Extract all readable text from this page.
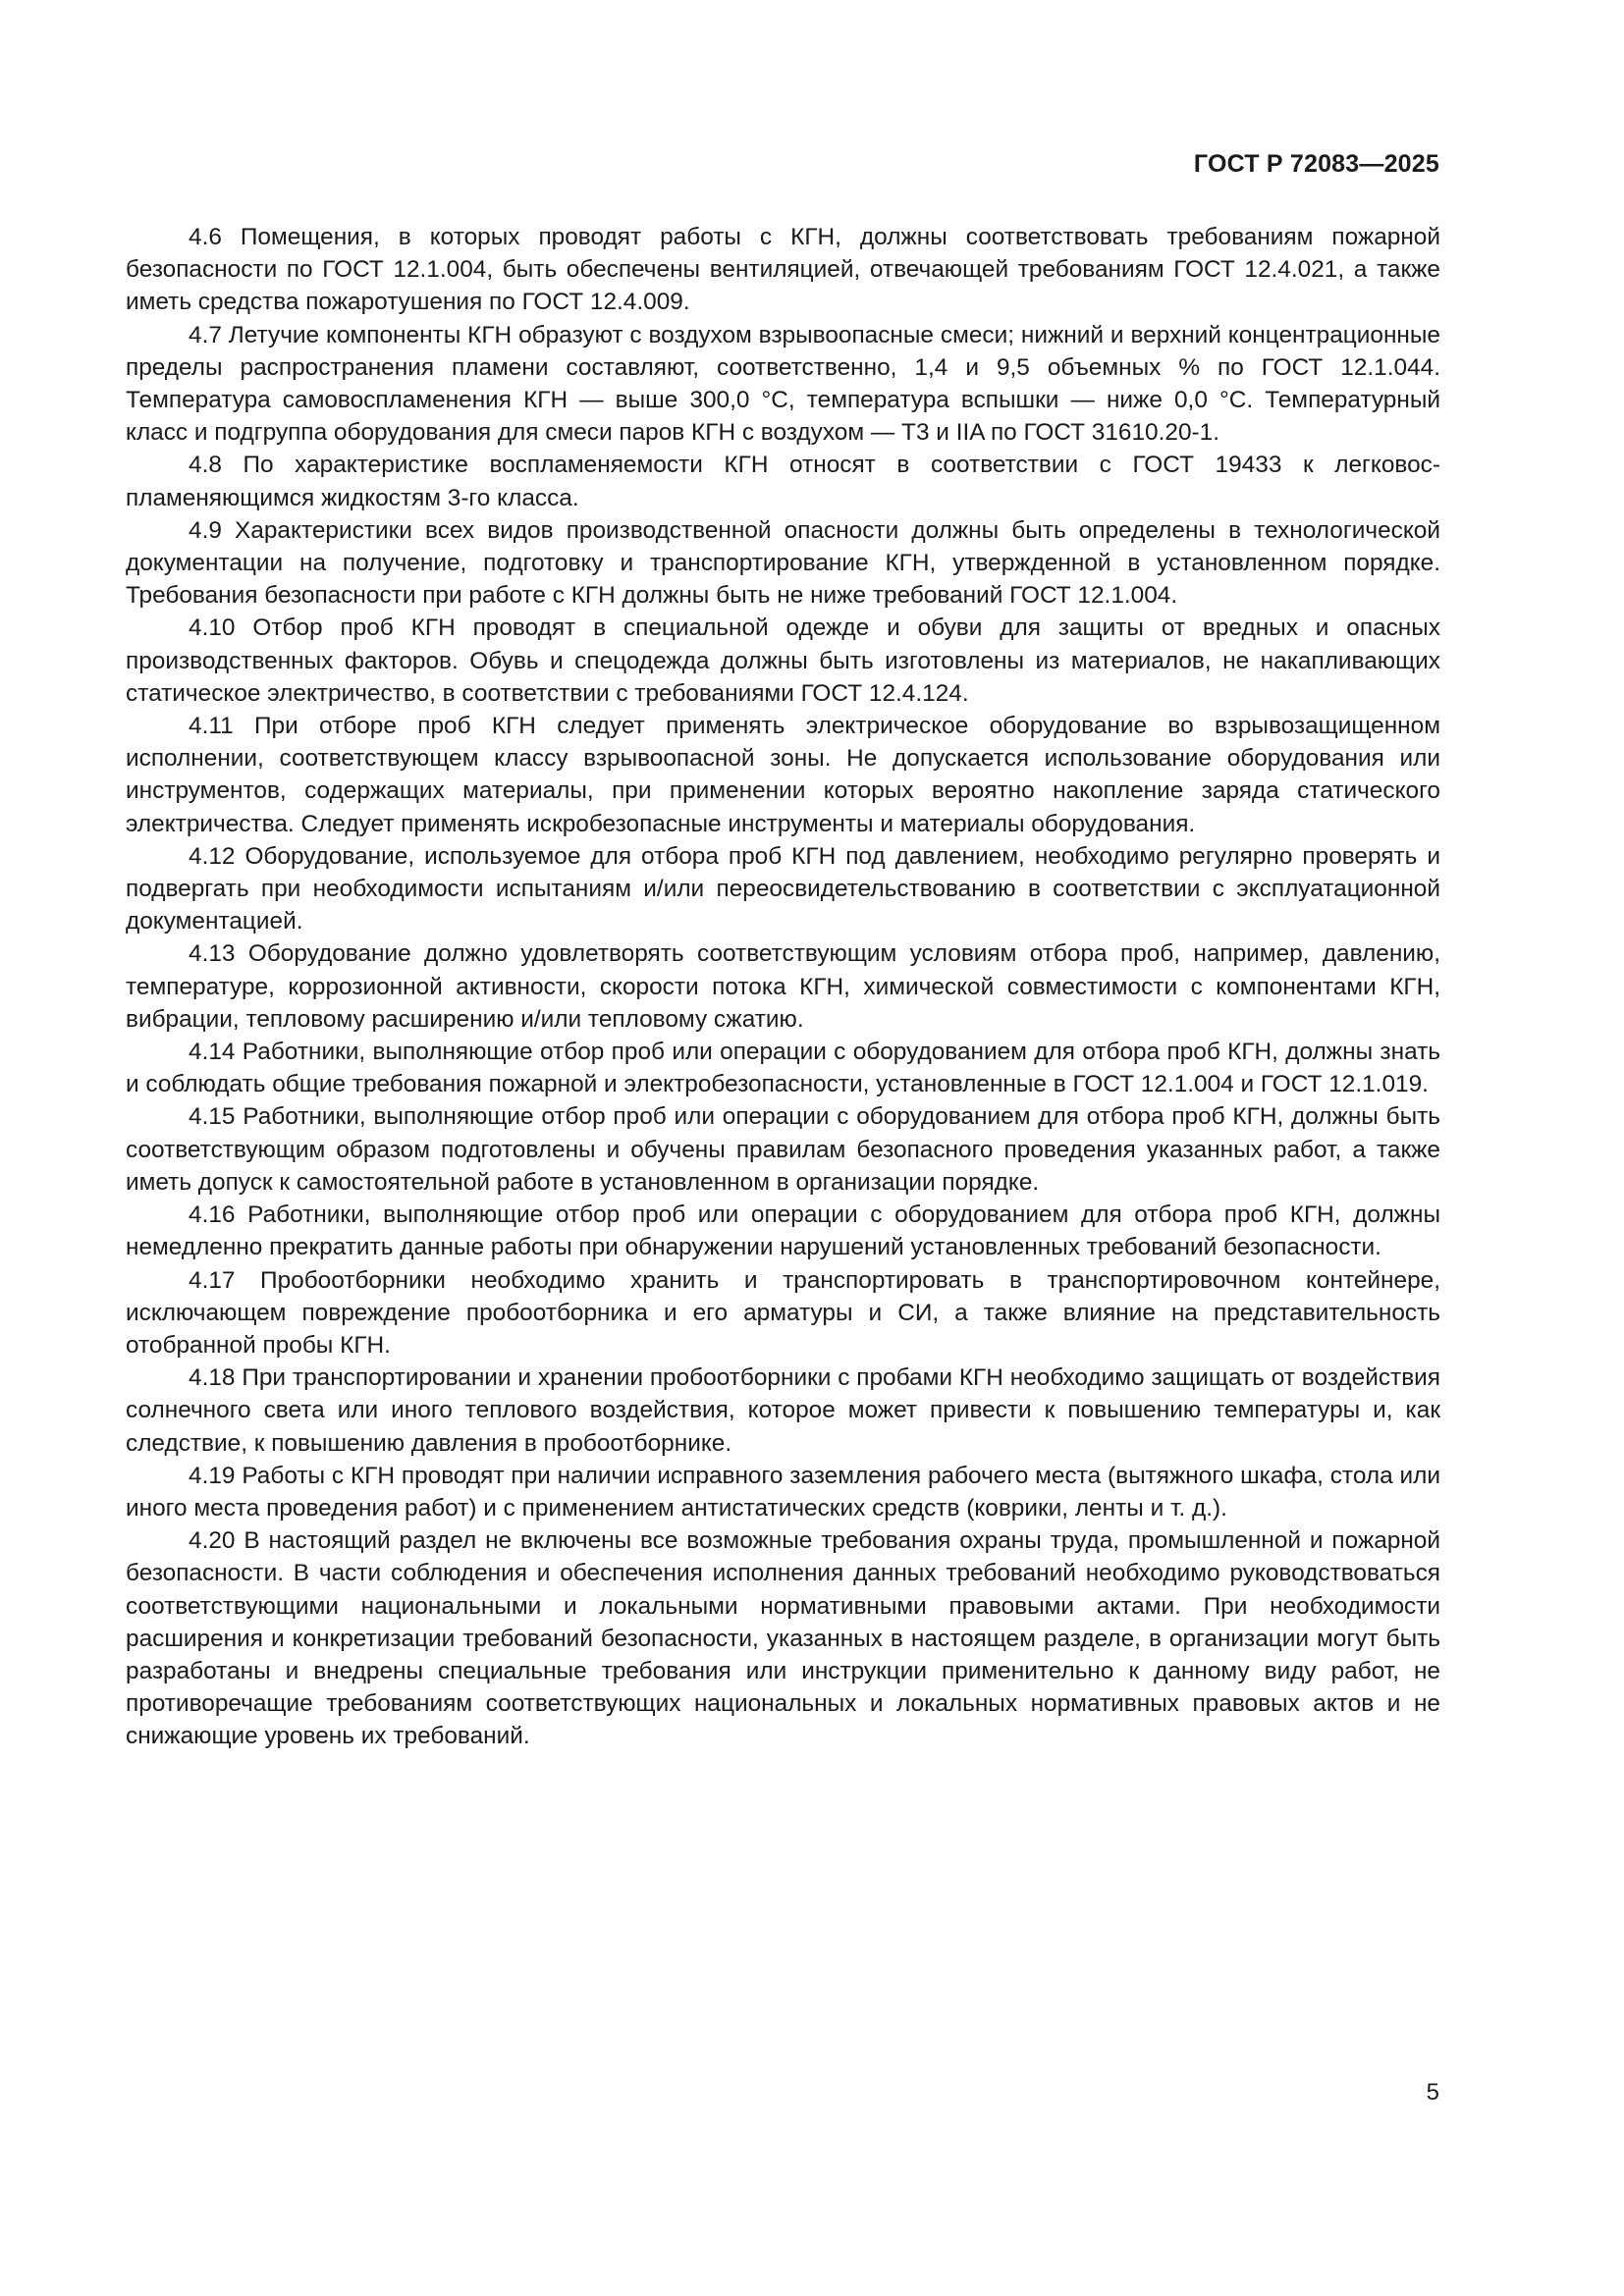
ГОСТ Р 72083—2025

4.6 Помещения, в которых проводят работы с КГН, должны соответствовать требованиям пожарной безопасности по ГОСТ 12.1.004, быть обеспечены вентиляцией, отвечающей требованиям ГОСТ 12.4.021, а также иметь средства пожаротушения по ГОСТ 12.4.009.

4.7 Летучие компоненты КГН образуют с воздухом взрывоопасные смеси; нижний и верхний концентрационные пределы распространения пламени составляют, соответственно, 1,4 и 9,5 объемных % по ГОСТ 12.1.044. Температура самовоспламенения КГН — выше 300,0 °С, температура вспышки — ниже 0,0 °С. Температурный класс и подгруппа оборудования для смеси паров КГН с воздухом — Т3 и IIA по ГОСТ 31610.20-1.

4.8 По характеристике воспламеняемости КГН относят в соответствии с ГОСТ 19433 к легковоспламеняющимся жидкостям 3-го класса.

4.9 Характеристики всех видов производственной опасности должны быть определены в технологической документации на получение, подготовку и транспортирование КГН, утвержденной в установленном порядке. Требования безопасности при работе с КГН должны быть не ниже требований ГОСТ 12.1.004.

4.10 Отбор проб КГН проводят в специальной одежде и обуви для защиты от вредных и опасных производственных факторов. Обувь и спецодежда должны быть изготовлены из материалов, не накапливающих статическое электричество, в соответствии с требованиями ГОСТ 12.4.124.

4.11 При отборе проб КГН следует применять электрическое оборудование во взрывозащищенном исполнении, соответствующем классу взрывоопасной зоны. Не допускается использование оборудования или инструментов, содержащих материалы, при применении которых вероятно накопление заряда статического электричества. Следует применять искробезопасные инструменты и материалы оборудования.

4.12 Оборудование, используемое для отбора проб КГН под давлением, необходимо регулярно проверять и подвергать при необходимости испытаниям и/или переосвидетельствованию в соответствии с эксплуатационной документацией.

4.13 Оборудование должно удовлетворять соответствующим условиям отбора проб, например, давлению, температуре, коррозионной активности, скорости потока КГН, химической совместимости с компонентами КГН, вибрации, тепловому расширению и/или тепловому сжатию.

4.14 Работники, выполняющие отбор проб или операции с оборудованием для отбора проб КГН, должны знать и соблюдать общие требования пожарной и электробезопасности, установленные в ГОСТ 12.1.004 и ГОСТ 12.1.019.

4.15 Работники, выполняющие отбор проб или операции с оборудованием для отбора проб КГН, должны быть соответствующим образом подготовлены и обучены правилам безопасного проведения указанных работ, а также иметь допуск к самостоятельной работе в установленном в организации порядке.

4.16 Работники, выполняющие отбор проб или операции с оборудованием для отбора проб КГН, должны немедленно прекратить данные работы при обнаружении нарушений установленных требований безопасности.

4.17 Пробоотборники необходимо хранить и транспортировать в транспортировочном контейнере, исключающем повреждение пробоотборника и его арматуры и СИ, а также влияние на представительность отобранной пробы КГН.

4.18 При транспортировании и хранении пробоотборники с пробами КГН необходимо защищать от воздействия солнечного света или иного теплового воздействия, которое может привести к повышению температуры и, как следствие, к повышению давления в пробоотборнике.

4.19 Работы с КГН проводят при наличии исправного заземления рабочего места (вытяжного шкафа, стола или иного места проведения работ) и с применением антистатических средств (коврики, ленты и т. д.).

4.20 В настоящий раздел не включены все возможные требования охраны труда, промышленной и пожарной безопасности. В части соблюдения и обеспечения исполнения данных требований необходимо руководствоваться соответствующими национальными и локальными нормативными правовыми актами. При необходимости расширения и конкретизации требований безопасности, указанных в настоящем разделе, в организации могут быть разработаны и внедрены специальные требования или инструкции применительно к данному виду работ, не противоречащие требованиям соответствующих национальных и локальных нормативных правовых актов и не снижающие уровень их требований.

5
